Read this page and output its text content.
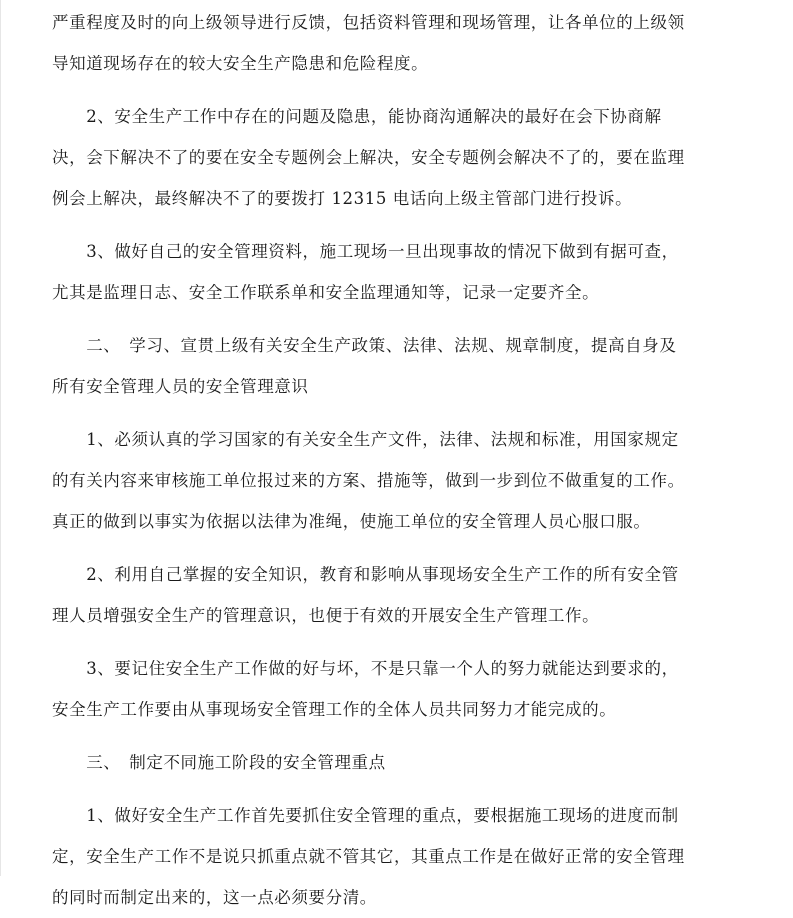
严重程度及时的向上级领导进行反馈，包括资料管理和现场管理，让各单位的上级领
导知道现场存在的较大安全生产隐患和危险程度。
　　2、安全生产工作中存在的问题及隐患，能协商沟通解决的最好在会下协商解
决，会下解决不了的要在安全专题例会上解决，安全专题例会解决不了的，要在监理
例会上解决，最终解决不了的要拨打 12315 电话向上级主管部门进行投诉。
　　3、做好自己的安全管理资料，施工现场一旦出现事故的情况下做到有据可查，
尤其是监理日志、安全工作联系单和安全监理通知等，记录一定要齐全。
　　二、　学习、宣贯上级有关安全生产政策、法律、法规、规章制度，提高自身及
所有安全管理人员的安全管理意识
　　1、必须认真的学习国家的有关安全生产文件，法律、法规和标准，用国家规定
的有关内容来审核施工单位报过来的方案、措施等，做到一步到位不做重复的工作。
真正的做到以事实为依据以法律为准绳，使施工单位的安全管理人员心服口服。
　　2、利用自己掌握的安全知识，教育和影响从事现场安全生产工作的所有安全管
理人员增强安全生产的管理意识，也便于有效的开展安全生产管理工作。
　　3、要记住安全生产工作做的好与坏，不是只靠一个人的努力就能达到要求的，
安全生产工作要由从事现场安全管理工作的全体人员共同努力才能完成的。
　　三、　制定不同施工阶段的安全管理重点
　　1、做好安全生产工作首先要抓住安全管理的重点，要根据施工现场的进度而制
定，安全生产工作不是说只抓重点就不管其它，其重点工作是在做好正常的安全管理
的同时而制定出来的，这一点必须要分清。
